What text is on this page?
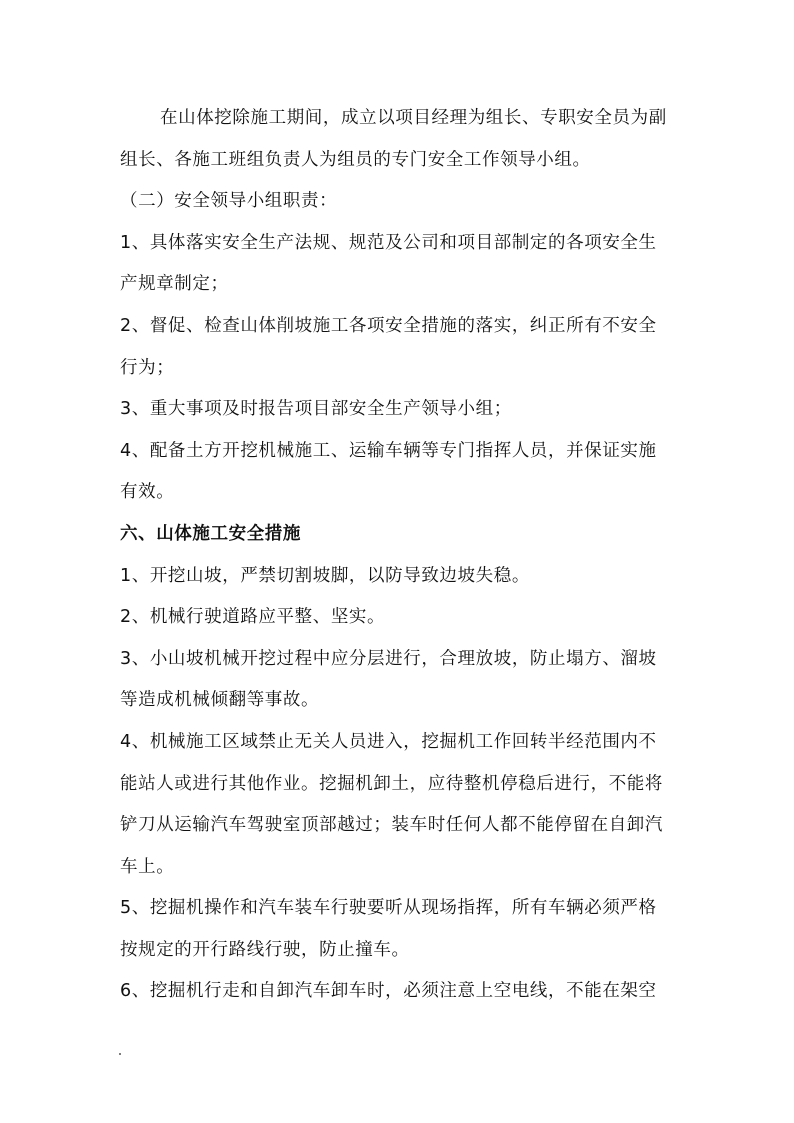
在山体挖除施工期间，成立以项目经理为组长、专职安全员为副

组长、各施工班组负责人为组员的专门安全工作领导小组。

（二）安全领导小组职责：

1、具体落实安全生产法规、规范及公司和项目部制定的各项安全生

产规章制定；

2、督促、检查山体削坡施工各项安全措施的落实，纠正所有不安全

行为；

3、重大事项及时报告项目部安全生产领导小组；

4、配备土方开挖机械施工、运输车辆等专门指挥人员，并保证实施

有效。

六、山体施工安全措施

1、开挖山坡，严禁切割坡脚，以防导致边坡失稳。

2、机械行驶道路应平整、坚实。

3、小山坡机械开挖过程中应分层进行，合理放坡，防止塌方、溜坡

等造成机械倾翻等事故。

4、机械施工区域禁止无关人员进入，挖掘机工作回转半经范围内不

能站人或进行其他作业。挖掘机卸土，应待整机停稳后进行，不能将

铲刀从运输汽车驾驶室顶部越过；装车时任何人都不能停留在自卸汽

车上。

5、挖掘机操作和汽车装车行驶要听从现场指挥，所有车辆必须严格

按规定的开行路线行驶，防止撞车。

6、挖掘机行走和自卸汽车卸车时，必须注意上空电线，不能在架空
